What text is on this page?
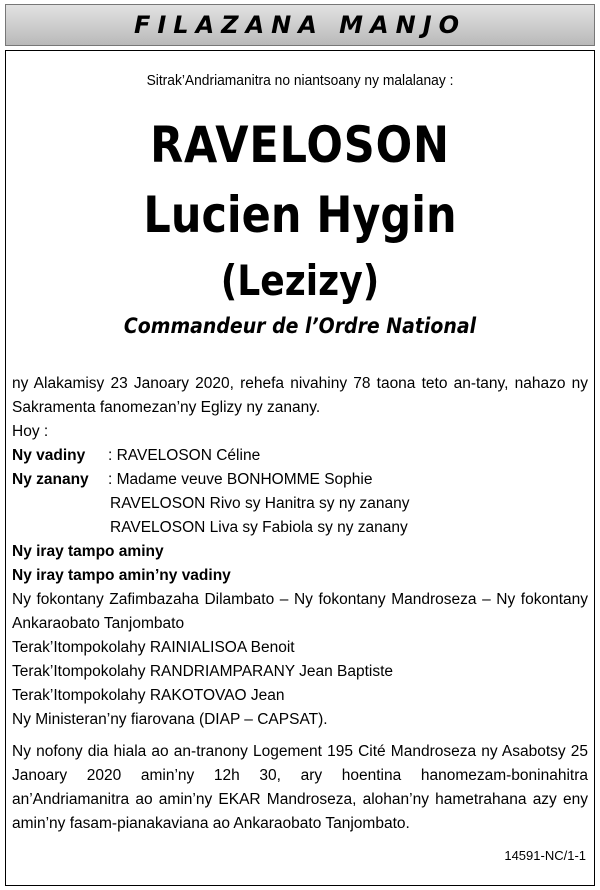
FILAZANA MANJO
Sitrak’Andriamanitra no niantsoany ny malalanay :
RAVELOSON
Lucien Hygin
(Lezizy)
Commandeur de l’Ordre National

ny Alakamisy 23 Janoary 2020, rehefa nivahiny 78 taona teto an-tany, nahazo ny Sakramenta fanomezan’ny Eglizy ny zanany.

Hoy :

Ny vadiny	: RAVELOSON Céline
Ny zanany	: Madame veuve BONHOMME Sophie

RAVELOSON Rivo sy Hanitra sy ny zanany

RAVELOSON Liva sy Fabiola sy ny zanany

Ny iray tampo aminy

Ny iray tampo amin’ny vadiny

Ny fokontany Zafimbazaha Dilambato – Ny fokontany Mandroseza – Ny fokontany Ankaraobato Tanjombato

Terak’Itompokolahy RAINIALISOA Benoit

Terak’Itompokolahy RANDRIAMPARANY Jean Baptiste

Terak’Itompokolahy RAKOTOVAO Jean

Ny Ministeran’ny fiarovana (DIAP – CAPSAT).

Ny nofony dia hiala ao an-tranony Logement 195 Cité Mandroseza ny Asabotsy 25 Janoary 2020 amin’ny 12h 30, ary hoentina hanomezam-boninahitra an’Andriamanitra ao amin’ny EKAR Mandroseza, alohan’ny hametrahana azy eny amin’ny fasam-pianakaviana ao Ankaraobato Tanjombato.

14591-NC/1-1
